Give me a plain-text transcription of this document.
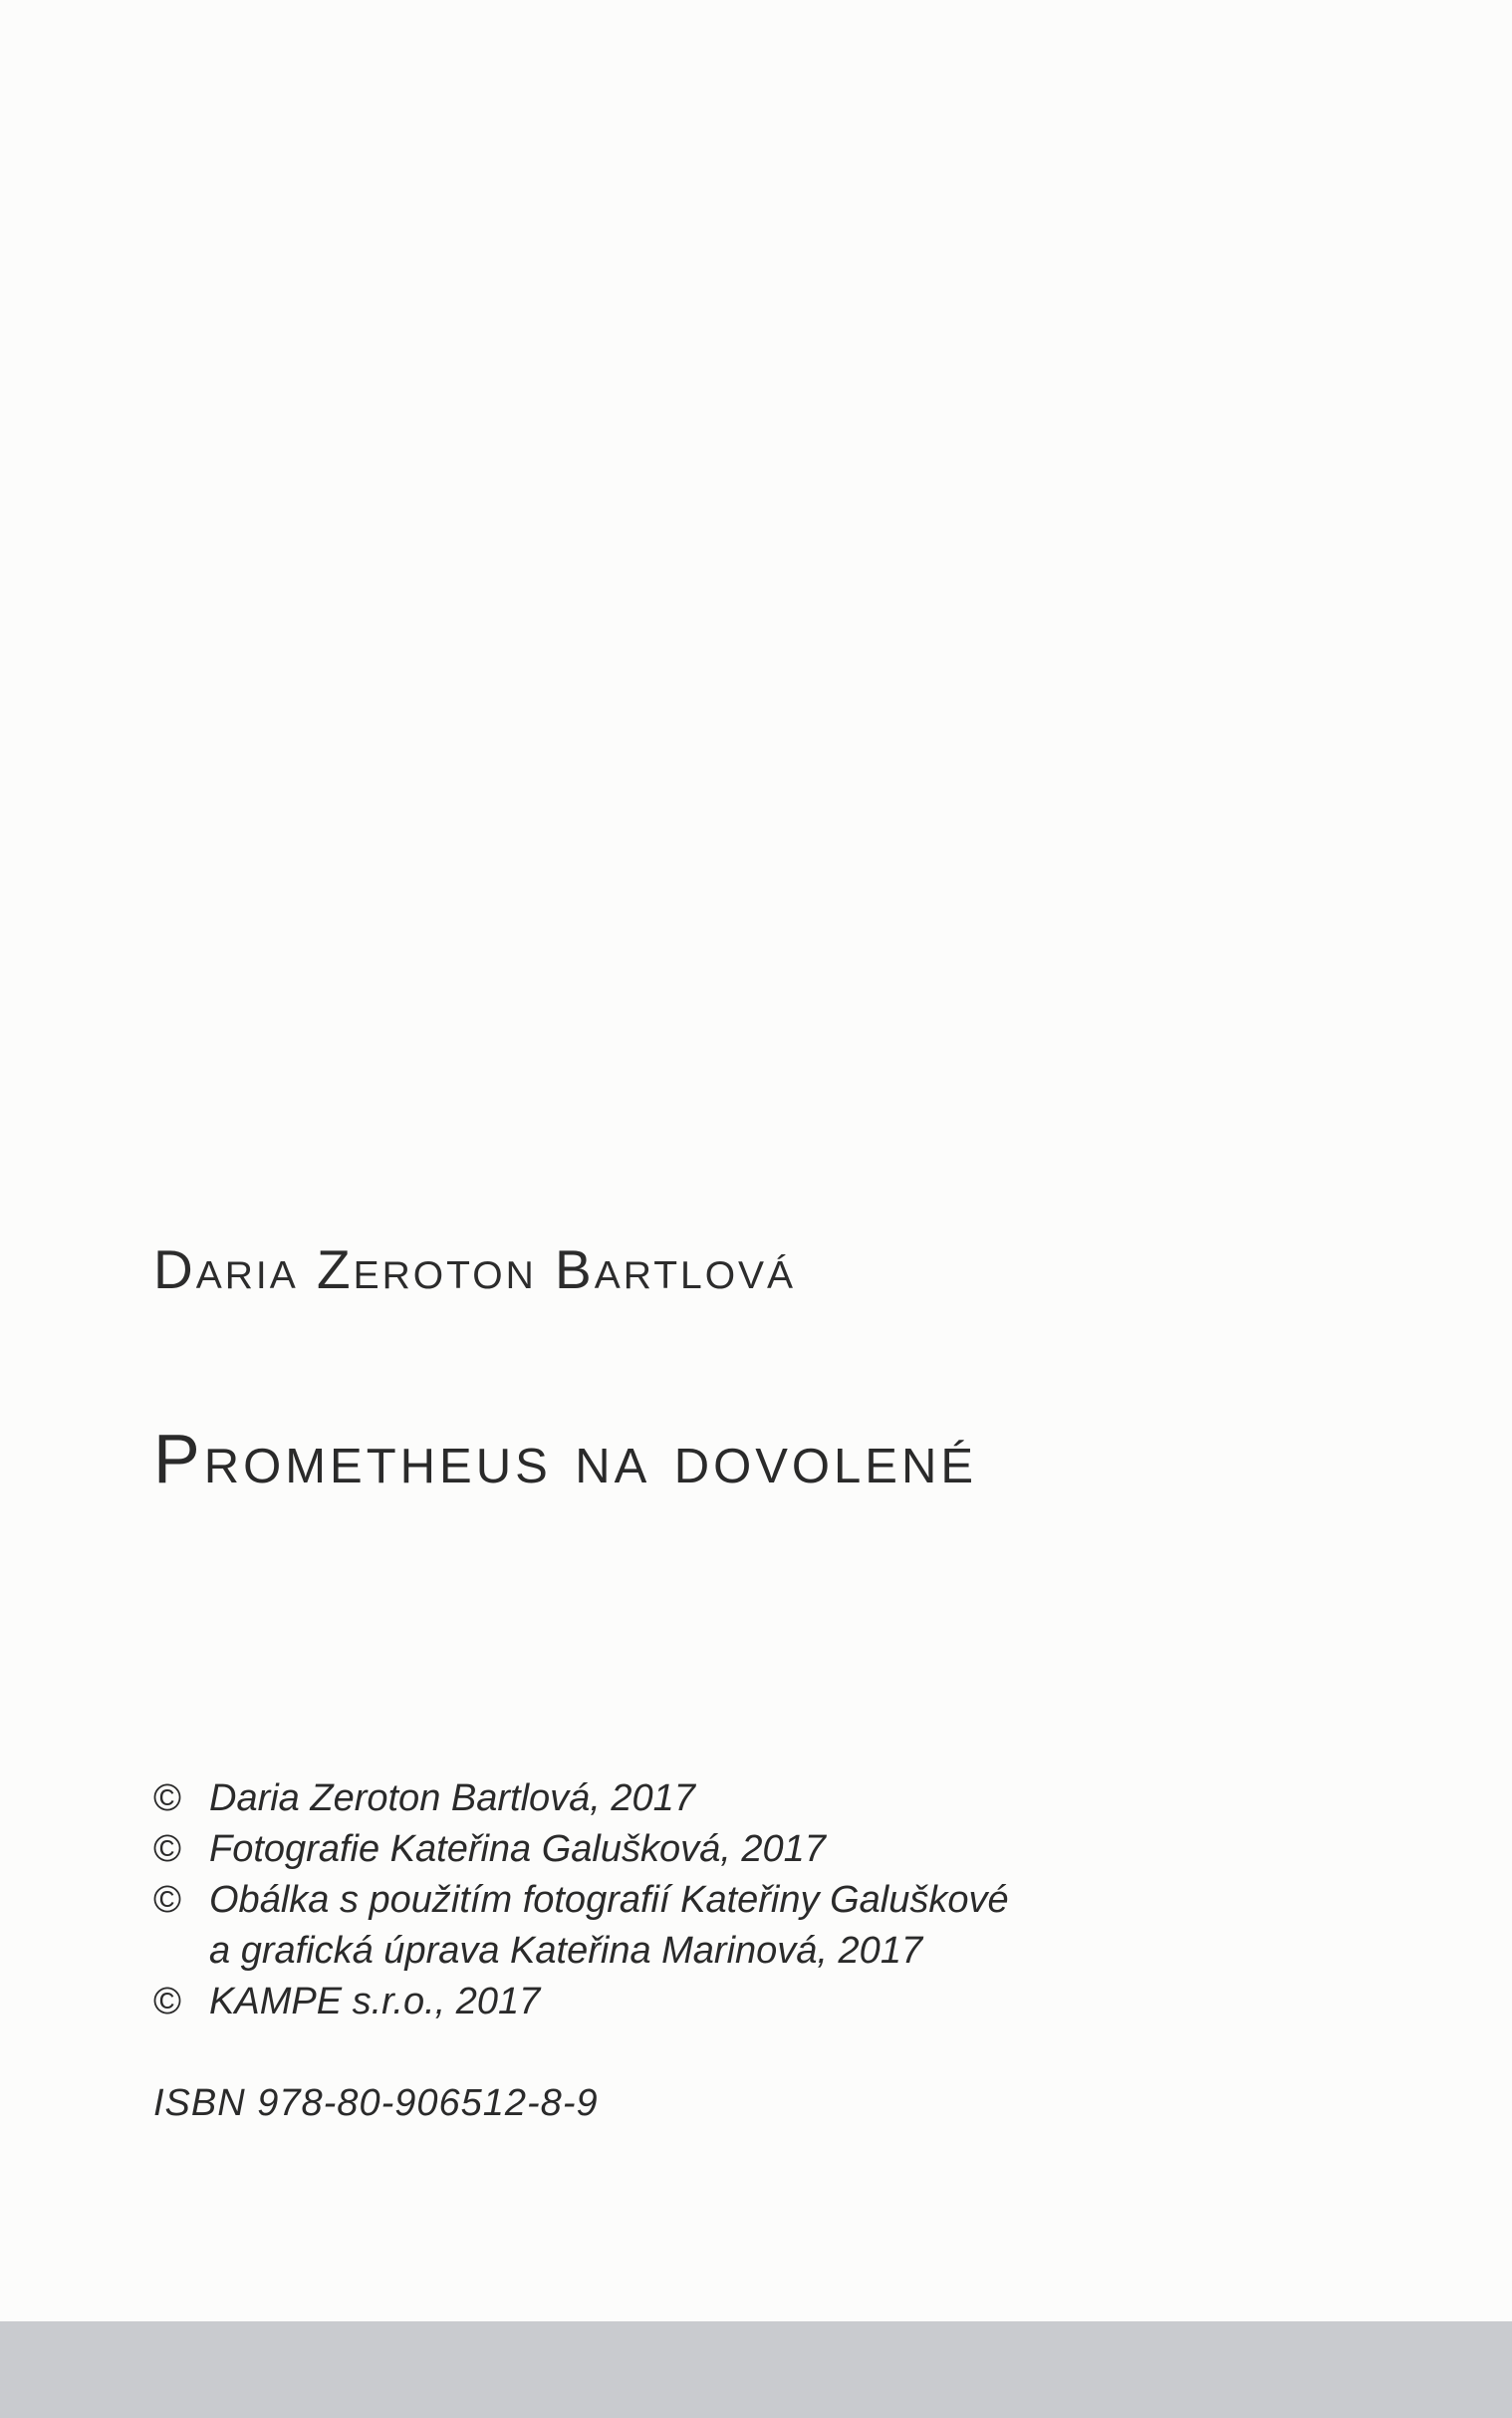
Daria Zeroton Bartlová
Prometheus na dovolené
© Daria Zeroton Bartlová, 2017
© Fotografie Kateřina Galušková, 2017
© Obálka s použitím fotografií Kateřiny Galuškové
a grafická úprava Kateřina Marinová, 2017
© KAMPE s.r.o., 2017
ISBN 978-80-906512-8-9
